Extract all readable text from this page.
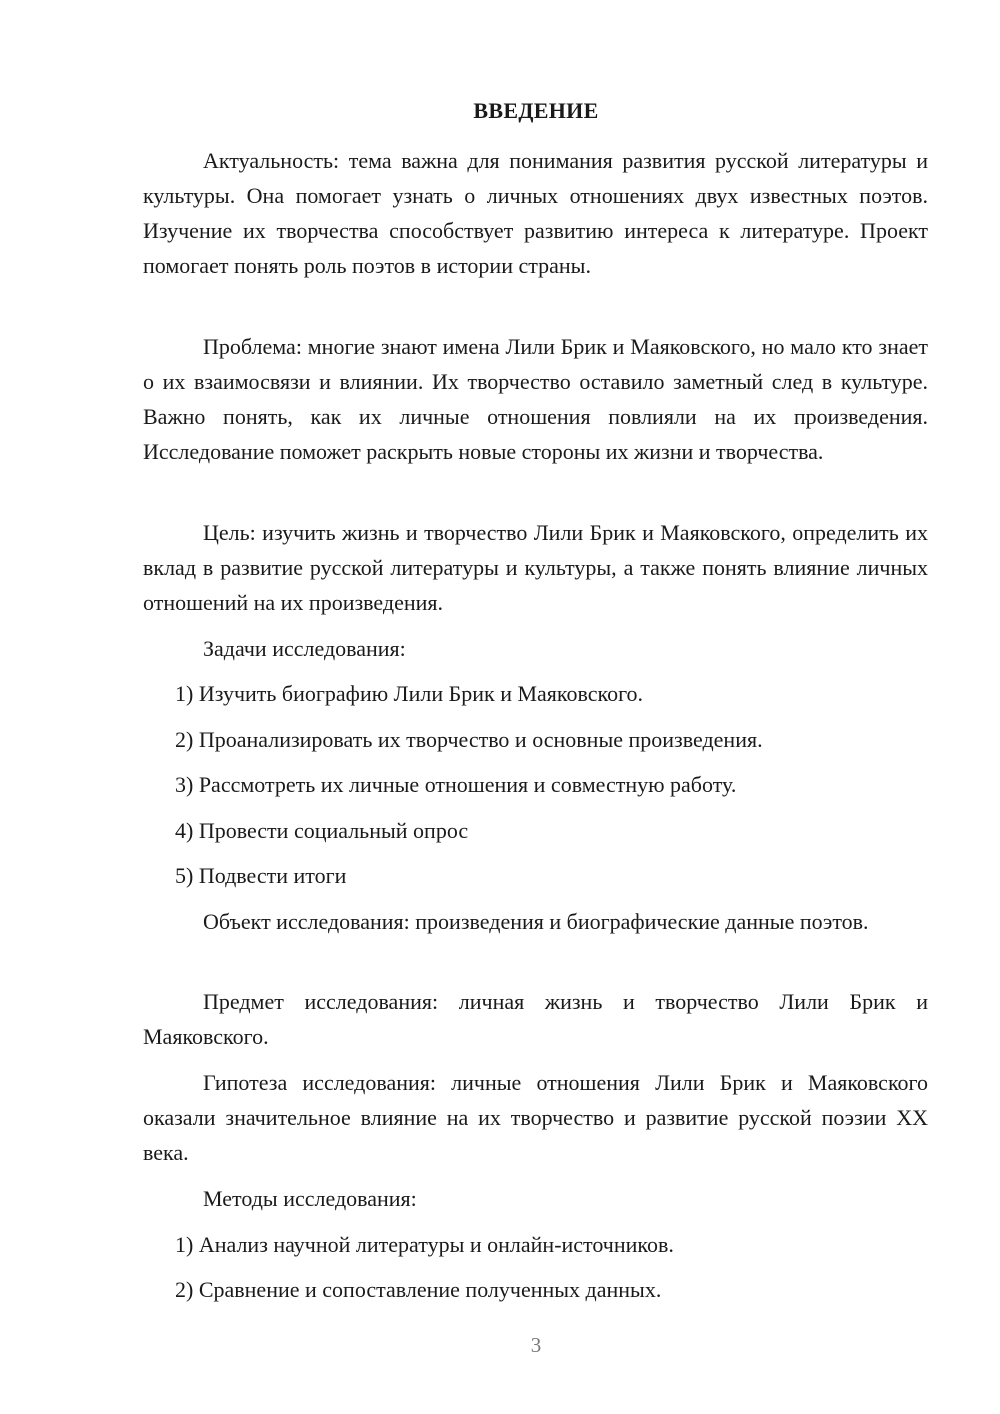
ВВЕДЕНИЕ

Актуальность: тема важна для понимания развития русской литературы и культуры. Она помогает узнать о личных отношениях двух известных поэтов. Изучение их творчества способствует развитию интереса к литературе. Проект помогает понять роль поэтов в истории страны.

Проблема: многие знают имена Лили Брик и Маяковского, но мало кто знает о их взаимосвязи и влиянии. Их творчество оставило заметный след в культуре. Важно понять, как их личные отношения повлияли на их произведения. Исследование поможет раскрыть новые стороны их жизни и творчества.

Цель: изучить жизнь и творчество Лили Брик и Маяковского, определить их вклад в развитие русской литературы и культуры, а также понять влияние личных отношений на их произведения.

Задачи исследования:

1) Изучить биографию Лили Брик и Маяковского.

2) Проанализировать их творчество и основные произведения.

3) Рассмотреть их личные отношения и совместную работу.

4) Провести социальный опрос

5) Подвести итоги

Объект исследования: произведения и биографические данные поэтов.

Предмет исследования: личная жизнь и творчество Лили Брик и Маяковского.

Гипотеза исследования: личные отношения Лили Брик и Маяковского оказали значительное влияние на их творчество и развитие русской поэзии XX века.

Методы исследования:

1) Анализ научной литературы и онлайн-источников.

2) Сравнение и сопоставление полученных данных.

3
